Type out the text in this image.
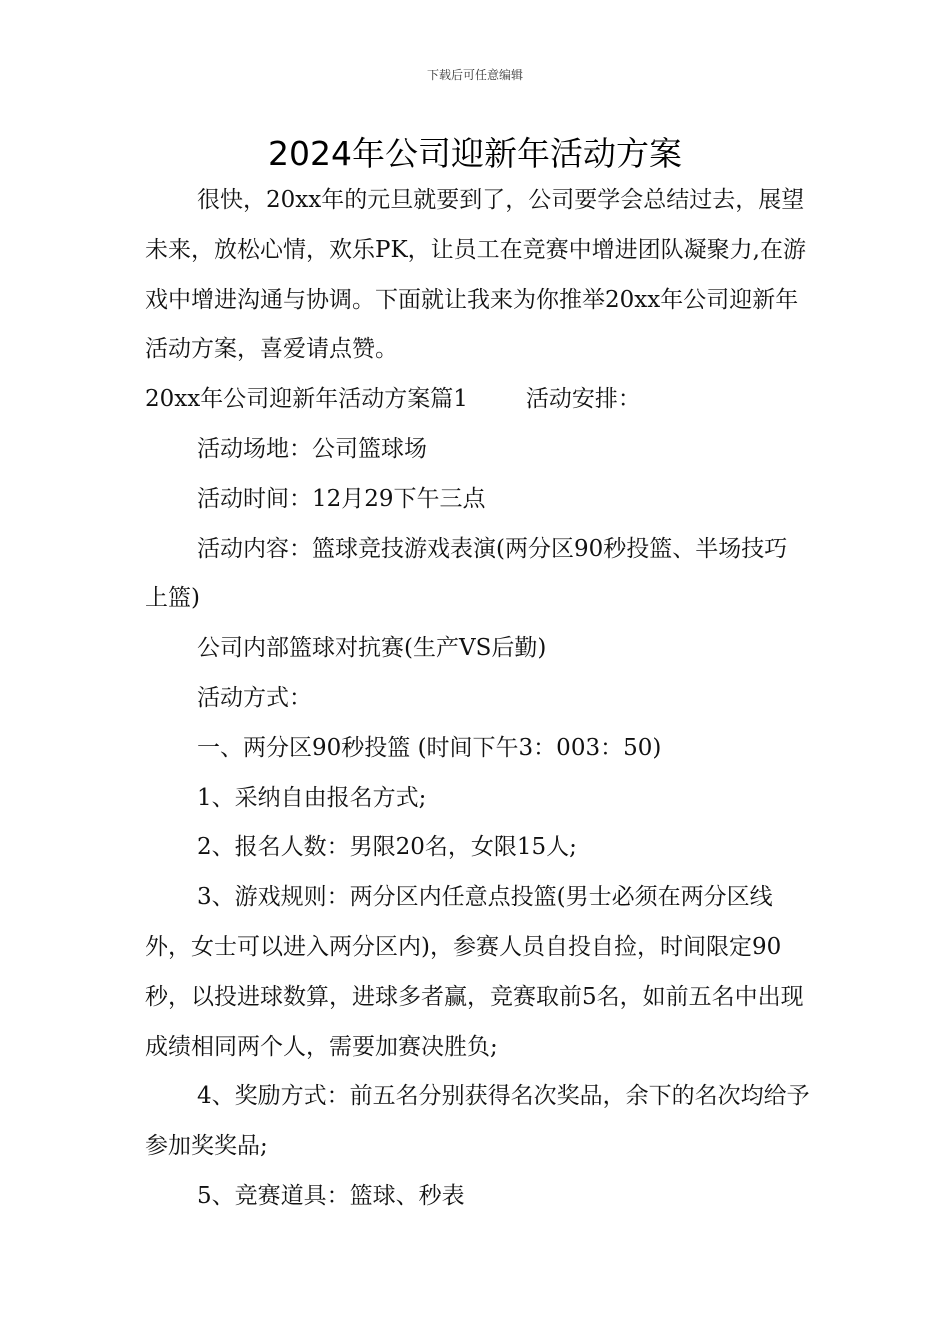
下载后可任意编辑
2024年公司迎新年活动方案

很快，20xx年的元旦就要到了，公司要学会总结过去，展望未来，放松心情，欢乐PK，让员工在竞赛中增进团队凝聚力,在游戏中增进沟通与协调。下面就让我来为你推举20xx年公司迎新年活动方案，喜爱请点赞。

20xx年公司迎新年活动方案篇1	活动安排：

活动场地：公司篮球场

活动时间：12月29下午三点

活动内容：篮球竞技游戏表演(两分区90秒投篮、半场技巧上篮)

公司内部篮球对抗赛(生产VS后勤)

活动方式：

一、两分区90秒投篮 (时间下午3：003：50)

1、采纳自由报名方式;

2、报名人数：男限20名，女限15人;

3、游戏规则：两分区内任意点投篮(男士必须在两分区线外，女士可以进入两分区内)，参赛人员自投自捡，时间限定90秒，以投进球数算，进球多者赢，竞赛取前5名，如前五名中出现成绩相同两个人，需要加赛决胜负;

4、奖励方式：前五名分别获得名次奖品，余下的名次均给予参加奖奖品;

5、竞赛道具：篮球、秒表
